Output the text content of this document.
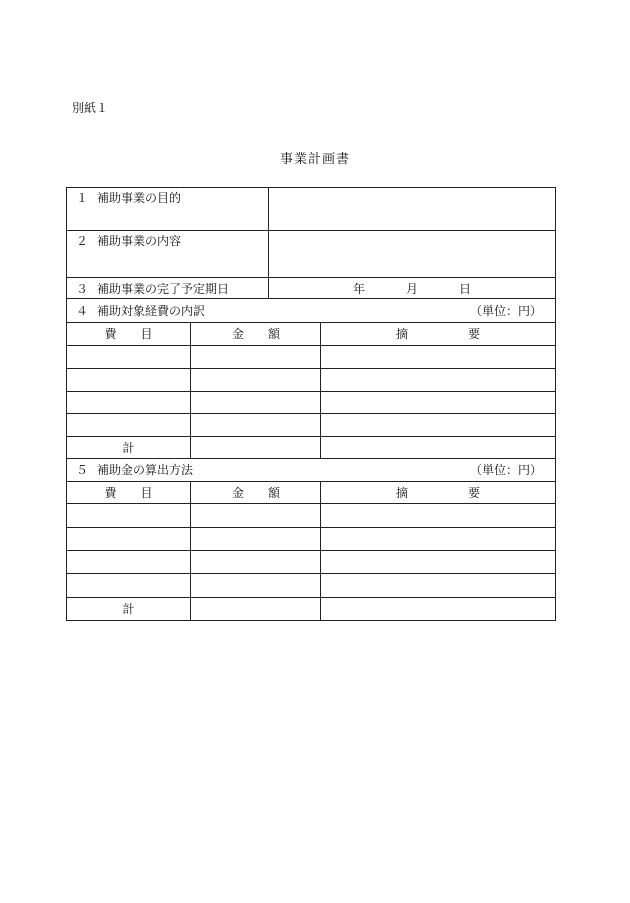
別紙１
事業計画書
１ 補助事業の目的
２ 補助事業の内容
３ 補助事業の完了予定期日	年	月	日
４ 補助対象経費の内訳	（単位：円）
費　　目	金　　額	摘　　　　　要
計
５ 補助金の算出方法	（単位：円）
費　　目	金　　額	摘　　　　　要
計
